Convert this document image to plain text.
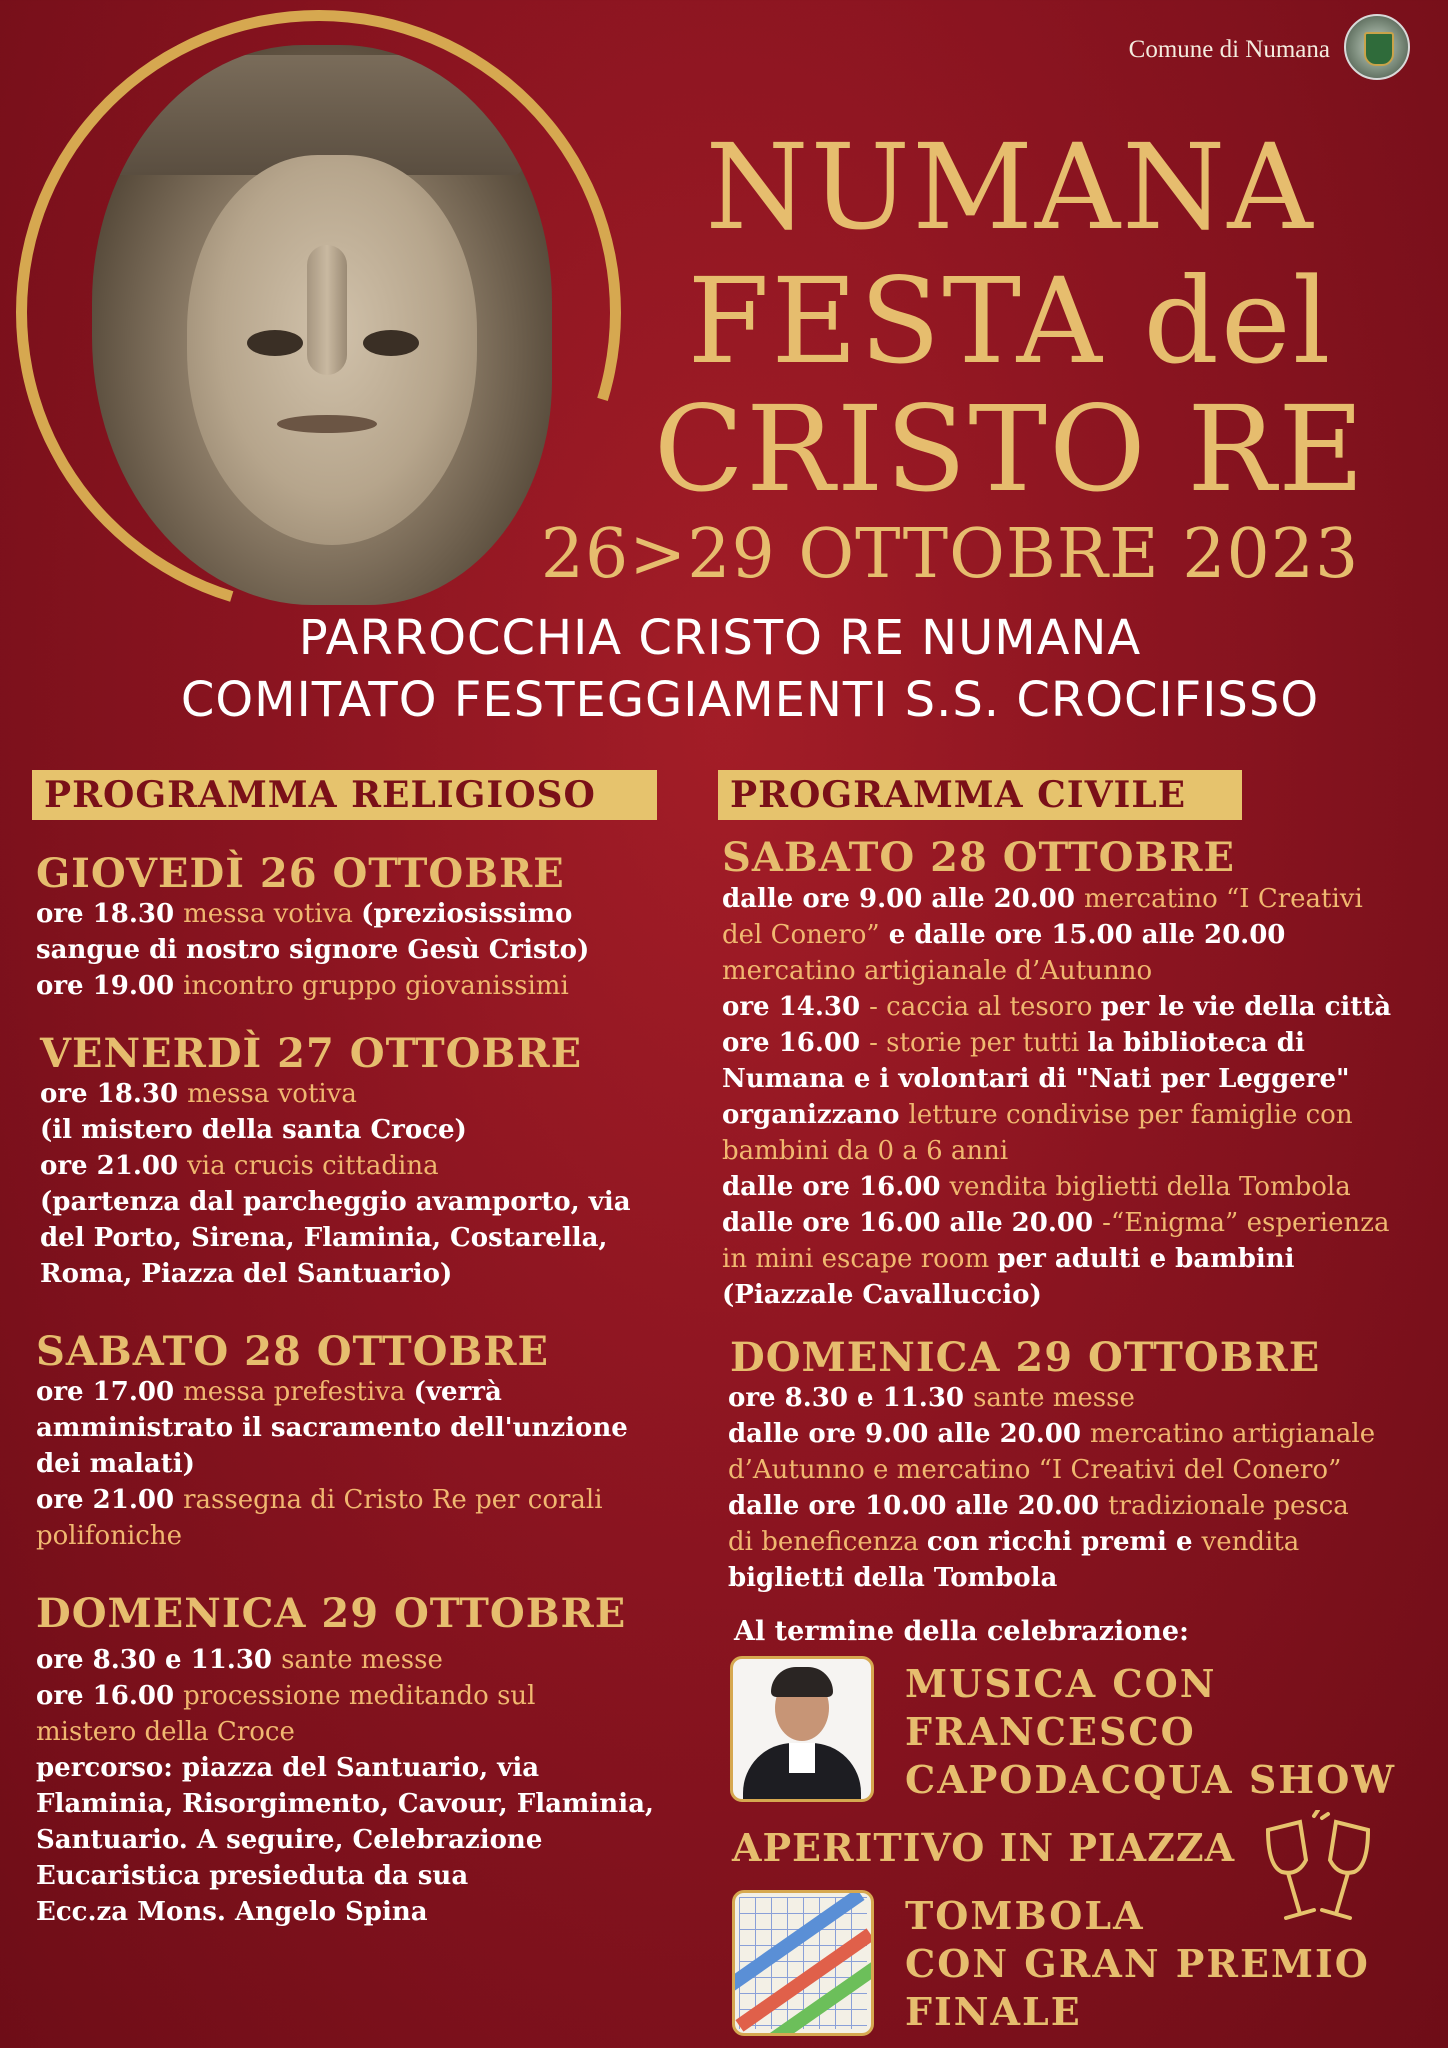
Comune di Numana
NUMANA
FESTA del
CRISTO RE
26>29 OTTOBRE 2023
PARROCCHIA CRISTO RE NUMANA
COMITATO FESTEGGIAMENTI S.S. CROCIFISSO
PROGRAMMA RELIGIOSO	PROGRAMMA CIVILE
GIOVEDÌ 26 OTTOBRE
ore 18.30 messa votiva (preziosissimo
sangue di nostro signore Gesù Cristo)
ore 19.00 incontro gruppo giovanissimi
VENERDÌ 27 OTTOBRE
ore 18.30 messa votiva
(il mistero della santa Croce)
ore 21.00 via crucis cittadina
(partenza dal parcheggio avamporto, via
del Porto, Sirena, Flaminia, Costarella,
Roma, Piazza del Santuario)
SABATO 28 OTTOBRE
ore 17.00 messa prefestiva (verrà
amministrato il sacramento dell'unzione
dei malati)
ore 21.00 rassegna di Cristo Re per corali
polifoniche
DOMENICA 29 OTTOBRE
ore 8.30 e 11.30 sante messe
ore 16.00 processione meditando sul
mistero della Croce
percorso: piazza del Santuario, via
Flaminia, Risorgimento, Cavour, Flaminia,
Santuario. A seguire, Celebrazione
Eucaristica presieduta da sua
Ecc.za Mons. Angelo Spina
SABATO 28 OTTOBRE
dalle ore 9.00 alle 20.00 mercatino “I Creativi
del Conero” e dalle ore 15.00 alle 20.00
mercatino artigianale d’Autunno
ore 14.30 - caccia al tesoro per le vie della città
ore 16.00 - storie per tutti la biblioteca di
Numana e i volontari di "Nati per Leggere"
organizzano letture condivise per famiglie con
bambini da 0 a 6 anni
dalle ore 16.00 vendita biglietti della Tombola
dalle ore 16.00 alle 20.00 -“Enigma” esperienza
in mini escape room per adulti e bambini
(Piazzale Cavalluccio)
DOMENICA 29 OTTOBRE
ore 8.30 e 11.30 sante messe
dalle ore 9.00 alle 20.00 mercatino artigianale
d’Autunno e mercatino “I Creativi del Conero”
dalle ore 10.00 alle 20.00 tradizionale pesca
di beneficenza con ricchi premi e vendita
biglietti della Tombola
Al termine della celebrazione:
MUSICA CON
FRANCESCO
CAPODACQUA SHOW
APERITIVO IN PIAZZA
TOMBOLA
CON GRAN PREMIO
FINALE
